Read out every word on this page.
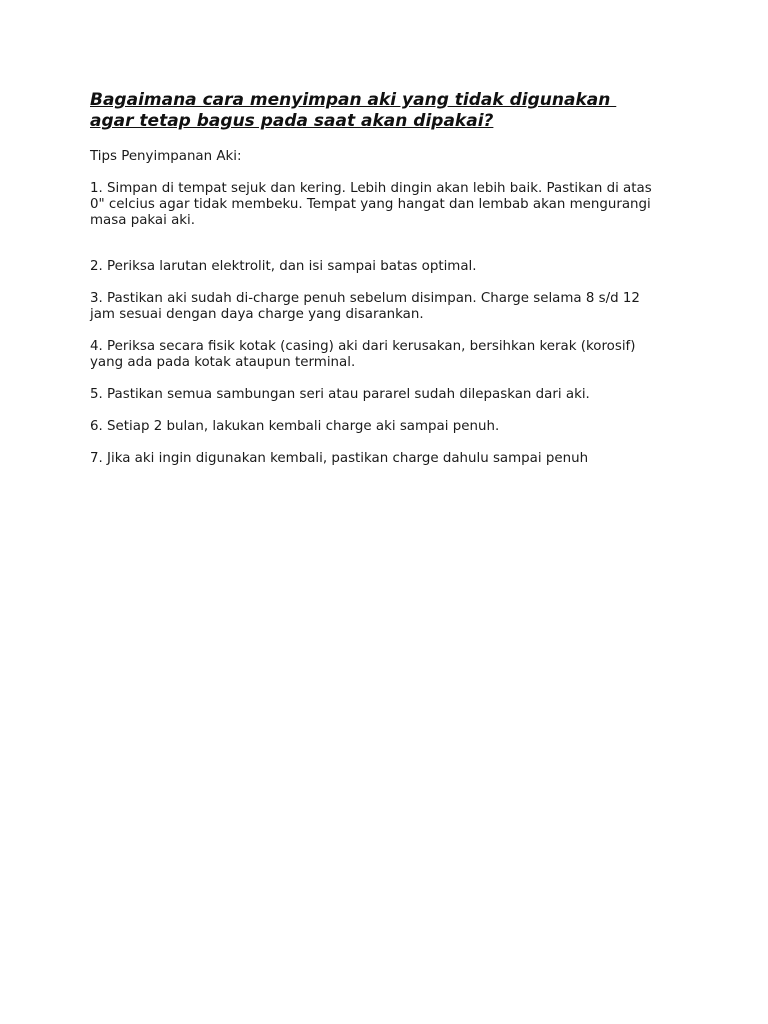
Bagaimana cara menyimpan aki yang tidak digunakan
agar tetap bagus pada saat akan dipakai?

Tips Penyimpanan Aki:

1. Simpan di tempat sejuk dan kering. Lebih dingin akan lebih baik. Pastikan di atas
0" celcius agar tidak membeku. Tempat yang hangat dan lembab akan mengurangi
masa pakai aki.

2. Periksa larutan elektrolit, dan isi sampai batas optimal.

3. Pastikan aki sudah di-charge penuh sebelum disimpan. Charge selama 8 s/d 12
jam sesuai dengan daya charge yang disarankan.

4. Periksa secara fisik kotak (casing) aki dari kerusakan, bersihkan kerak (korosif)
yang ada pada kotak ataupun terminal.

5. Pastikan semua sambungan seri atau pararel sudah dilepaskan dari aki.

6. Setiap 2 bulan, lakukan kembali charge aki sampai penuh.

7. Jika aki ingin digunakan kembali, pastikan charge dahulu sampai penuh
